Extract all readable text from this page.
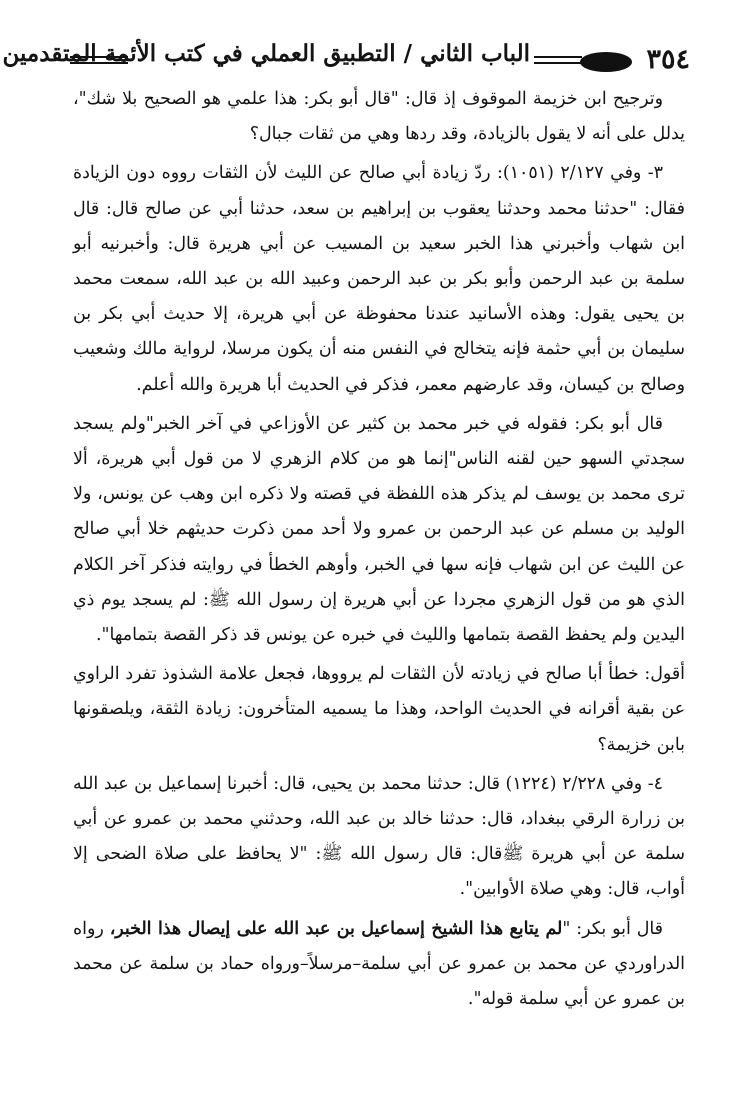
٣٥٤
الباب الثاني / التطبيق العملي في كتب الأئمة المتقدمين

وترجيح ابن خزيمة الموقوف إذ قال: "قال أبو بكر: هذا علمي هو الصحيح بلا شك"، يدلل على أنه لا يقول بالزيادة، وقد ردها وهي من ثقات جبال؟

٣- وفي ٢/١٢٧ (١٠٥١): ردّ زيادة أبي صالح عن الليث لأن الثقات رووه دون الزيادة فقال: "حدثنا محمد وحدثنا يعقوب بن إبراهيم بن سعد، حدثنا أبي عن صالح قال: قال ابن شهاب وأخبرني هذا الخبر سعيد بن المسيب عن أبي هريرة قال: وأخبرنيه أبو سلمة بن عبد الرحمن وأبو بكر بن عبد الرحمن وعبيد الله بن عبد الله، سمعت محمد بن يحيى يقول: وهذه الأسانيد عندنا محفوظة عن أبي هريرة، إلا حديث أبي بكر بن سليمان بن أبي حثمة فإنه يتخالج في النفس منه أن يكون مرسلا، لرواية مالك وشعيب وصالح بن كيسان، وقد عارضهم معمر، فذكر في الحديث أبا هريرة والله أعلم.

قال أبو بكر: فقوله في خبر محمد بن كثير عن الأوزاعي في آخر الخبر"ولم يسجد سجدتي السهو حين لقنه الناس"إنما هو من كلام الزهري لا من قول أبي هريرة، ألا ترى محمد بن يوسف لم يذكر هذه اللفظة في قصته ولا ذكره ابن وهب عن يونس، ولا الوليد بن مسلم عن عبد الرحمن بن عمرو ولا أحد ممن ذكرت حديثهم خلا أبي صالح عن الليث عن ابن شهاب فإنه سها في الخبر، وأوهم الخطأ في روايته فذكر آخر الكلام الذي هو من قول الزهري مجردا عن أبي هريرة إن رسول الله ﷺ: لم يسجد يوم ذي اليدين ولم يحفظ القصة بتمامها والليث في خبره عن يونس قد ذكر القصة بتمامها".

أقول: خطأ أبا صالح في زيادته لأن الثقات لم يرووها، فجعل علامة الشذوذ تفرد الراوي عن بقية أقرانه في الحديث الواحد، وهذا ما يسميه المتأخرون: زيادة الثقة، ويلصقونها بابن خزيمة؟

٤- وفي ٢/٢٢٨ (١٢٢٤) قال: حدثنا محمد بن يحيى، قال: أخبرنا إسماعيل بن عبد الله بن زرارة الرقي ببغداد، قال: حدثنا خالد بن عبد الله، وحدثني محمد بن عمرو عن أبي سلمة عن أبي هريرة ﷺقال: قال رسول الله ﷺ: "لا يحافظ على صلاة الضحى إلا أواب، قال: وهي صلاة الأوابين".

قال أبو بكر: "لم يتابع هذا الشيخ إسماعيل بن عبد الله على إيصال هذا الخبر، رواه الدراوردي عن محمد بن عمرو عن أبي سلمة–مرسلاً–ورواه حماد بن سلمة عن محمد بن عمرو عن أبي سلمة قوله".
